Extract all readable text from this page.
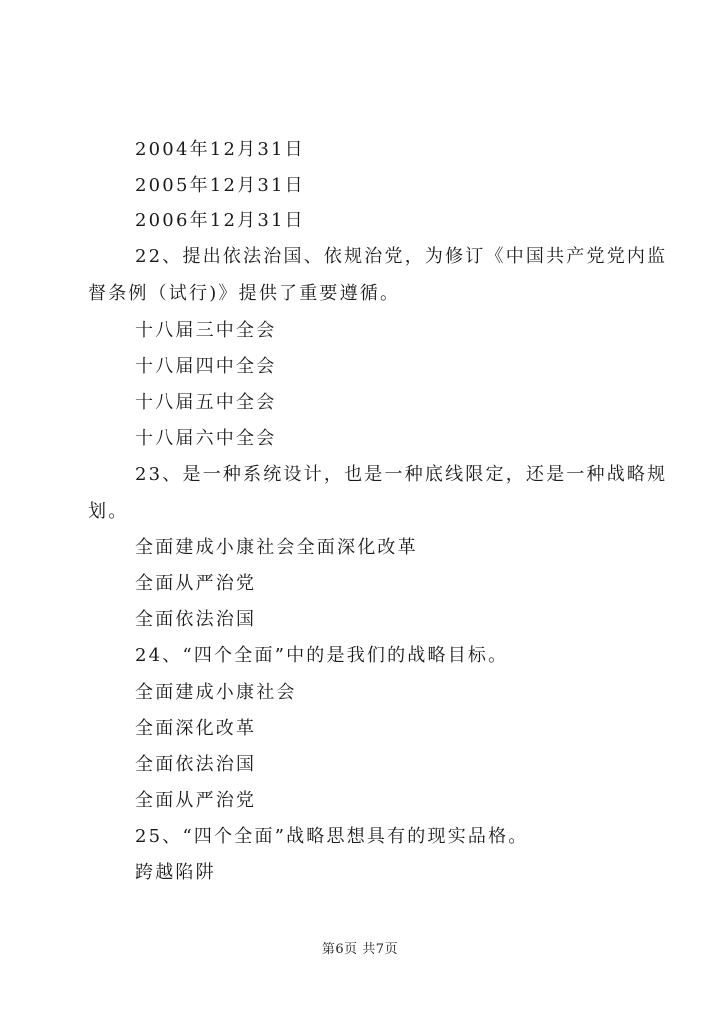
2004年12月31日
2005年12月31日
2006年12月31日
22、提出依法治国、依规治党，为修订《中国共产党党内监
督条例（试行)》提供了重要遵循。
十八届三中全会
十八届四中全会
十八届五中全会
十八届六中全会
23、是一种系统设计，也是一种底线限定，还是一种战略规
划。
全面建成小康社会全面深化改革
全面从严治党
全面依法治国
24、“四个全面”中的是我们的战略目标。
全面建成小康社会
全面深化改革
全面依法治国
全面从严治党
25、“四个全面”战略思想具有的现实品格。
跨越陷阱
第6页 共7页
